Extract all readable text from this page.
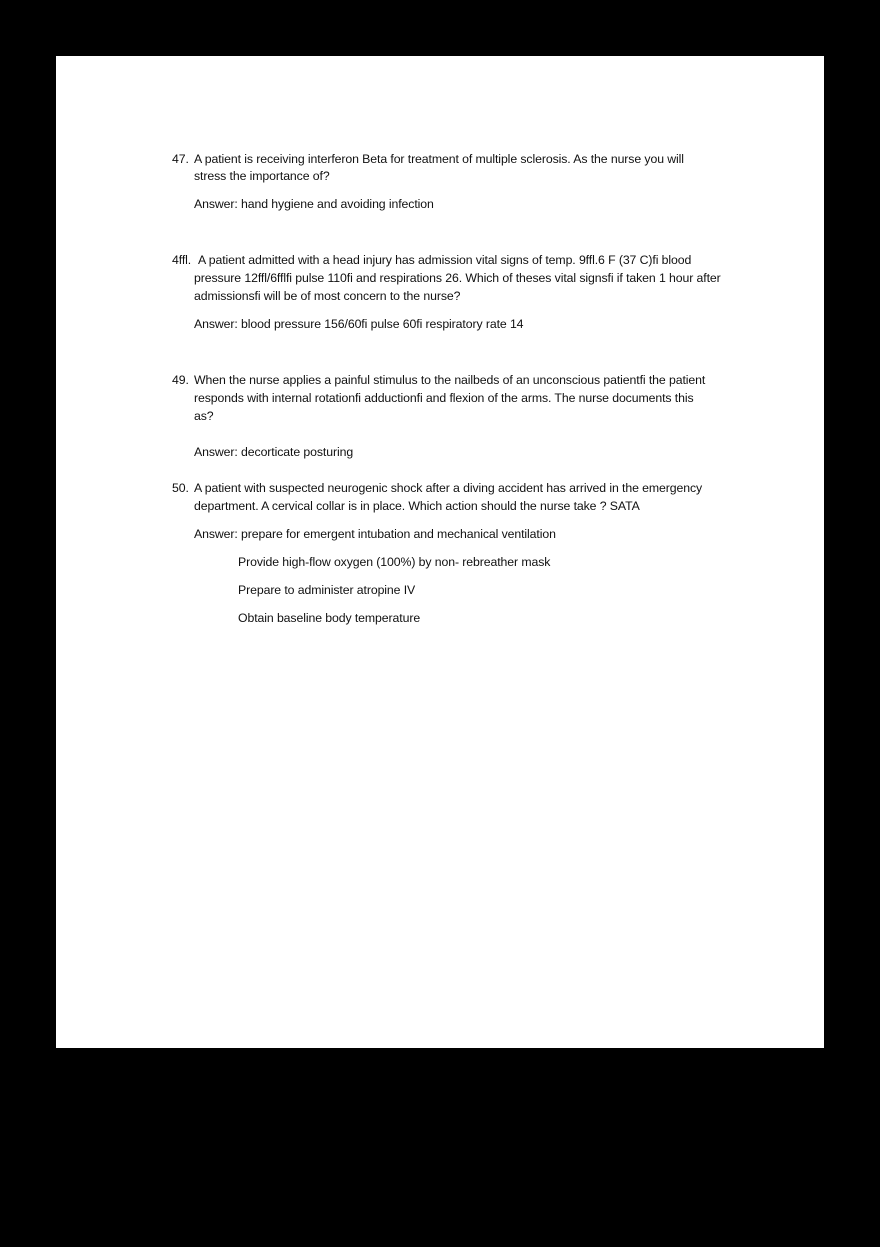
47. A patient is receiving interferon Beta for treatment of multiple sclerosis. As the nurse you will
stress the importance of?
Answer: hand hygiene and avoiding infection
4ffl. A patient admitted with a head injury has admission vital signs of temp. 9ffl.6 F (37 C)fi blood
pressure 12ffl/6fflfi pulse 110fi and respirations 26. Which of theses vital signsfi if taken 1 hour after
admissionsfi will be of most concern to the nurse?
Answer: blood pressure 156/60fi pulse 60fi respiratory rate 14
49. When the nurse applies a painful stimulus to the nailbeds of an unconscious patientfi the patient
responds with internal rotationfi adductionfi and flexion of the arms. The nurse documents this
as?
Answer: decorticate posturing
50. A patient with suspected neurogenic shock after a diving accident has arrived in the emergency
department. A cervical collar is in place. Which action should the nurse take ? SATA
Answer: prepare for emergent intubation and mechanical ventilation
Provide high-flow oxygen (100%) by non- rebreather mask
Prepare to administer atropine IV
Obtain baseline body temperature
